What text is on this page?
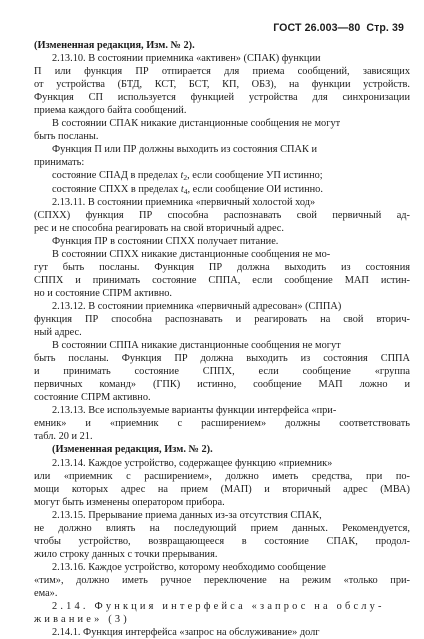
ГОСТ 26.003—80 Стр. 39
(Измененная редакция, Изм. № 2).
2.13.10. В состоянии приемника «активен» (СПАК) функции
П или функция ПР отпирается для приема сообщений, зависящих
от устройства (БТД, КСТ, БСТ, КП, ОБЗ), на функции устройств.
Функция СП используется функцией устройства для синхронизации
приема каждого байта сообщений.
В состоянии СПАК никакие дистанционные сообщения не могут
быть посланы.
Функция П или ПР должны выходить из состояния СПАК и
принимать:
состояние СПАД в пределах $t_2$, если сообщение УП истинно;
состояние СПХХ в пределах $t_4$, если сообщение ОИ истинно.
2.13.11. В состоянии приемника «первичный холостой ход»
(СПХХ) функция ПР способна распознавать свой первичный ад-
рес и не способна реагировать на свой вторичный адрес.
Функция ПР в состоянии СПХХ получает питание.
В состоянии СПХХ никакие дистанционные сообщения не мо-
гут быть посланы. Функция ПР должна выходить из состояния
СППХ и принимать состояние СППА, если сообщение МАП истин-
но и состояние СПРМ активно.
2.13.12. В состоянии приемника «первичный адресован» (СППА)
функция ПР способна распознавать и реагировать на свой вторич-
ный адрес.
В состоянии СППА никакие дистанционные сообщения не могут
быть посланы. Функция ПР должна выходить из состояния СППА
и принимать состояние СППХ, если сообщение «группа
первичных команд» (ГПК) истинно, сообщение МАП ложно и
состояние СПРМ активно.
2.13.13. Все используемые варианты функции интерфейса «при-
емник» и «приемник с расширением» должны соответствовать
табл. 20 и 21.
(Измененная редакция, Изм. № 2).
2.13.14. Каждое устройство, содержащее функцию «приемник»
или «приемник с расширением», должно иметь средства, при по-
мощи которых адрес на прием (МАП) и вторичный адрес (МВА)
могут быть изменены оператором прибора.
2.13.15. Прерывание приема данных из-за отсутствия СПАК,
не должно влиять на последующий прием данных. Рекомендуется,
чтобы устройство, возвращающееся в состояние СПАК, продол-
жило строку данных с точки прерывания.
2.13.16. Каждое устройство, которому необходимо сообщение
«тим», должно иметь ручное переключение на режим «только при-
ема».
2.14. Функция интерфейса «запрос на обслу-
живание» (3)
2.14.1. Функция интерфейса «запрос на обслуживание» долг
